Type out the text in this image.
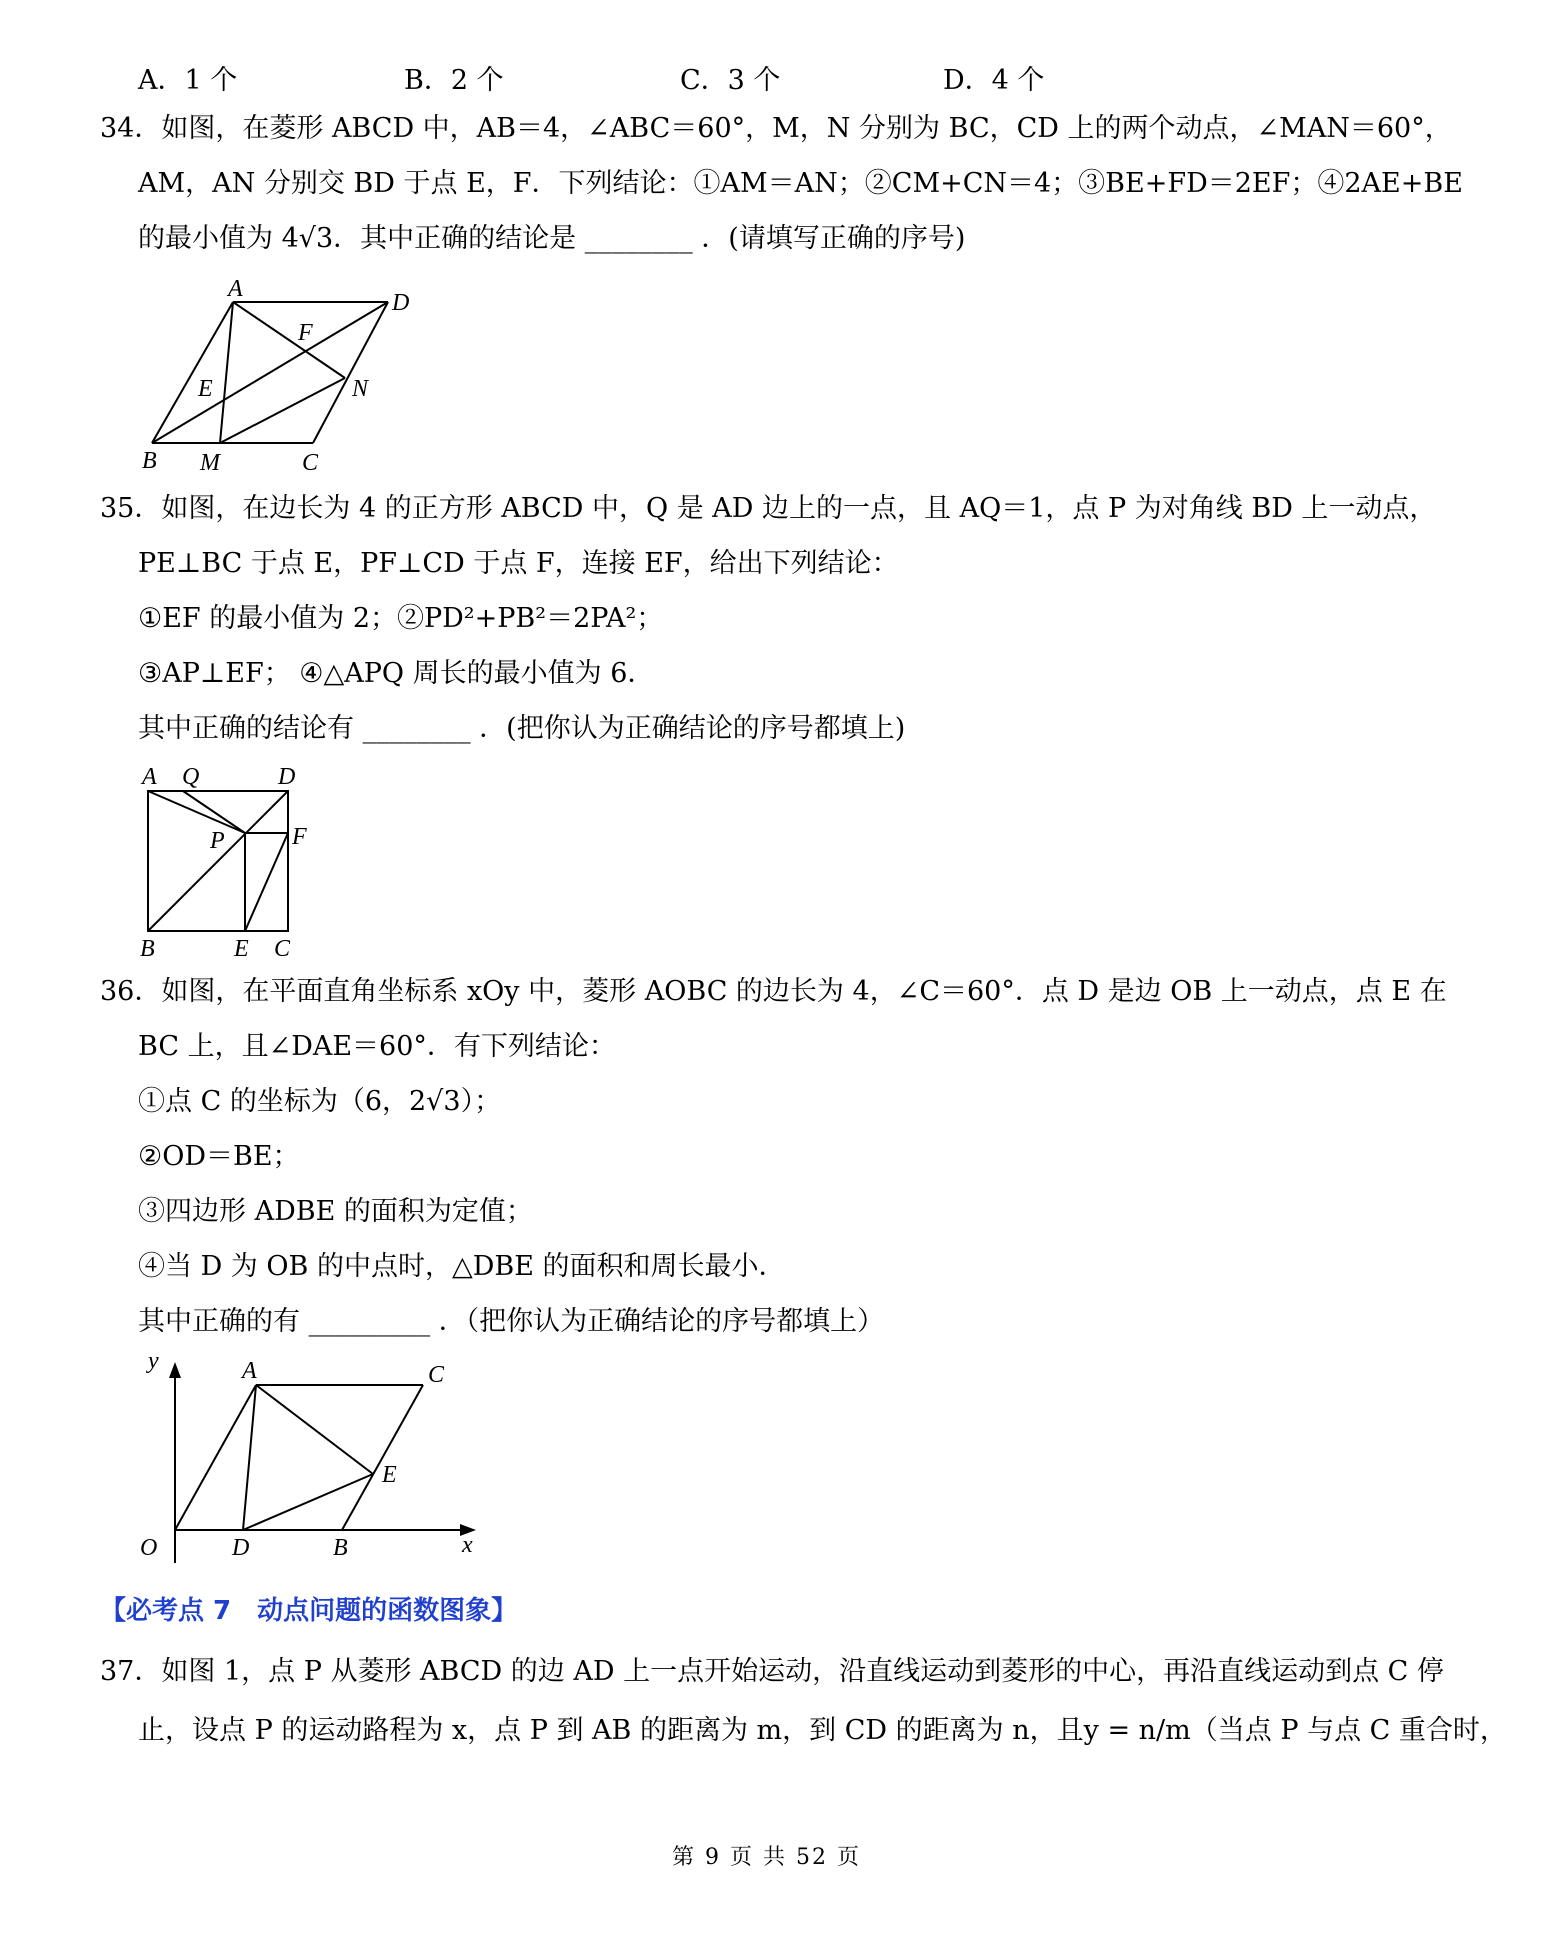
A．1 个	B．2 个	C．3 个	D．4 个
34．如图，在菱形 ABCD 中，AB＝4，∠ABC＝60°，M，N 分别为 BC，CD 上的两个动点，∠MAN＝60°，
AM，AN 分别交 BD 于点 E，F．下列结论：①AM＝AN；②CM+CN＝4；③BE+FD＝2EF；④2AE+BE
的最小值为 4√3．其中正确的结论是 ________ ．(请填写正确的序号)
A
D
F
E	N
B M	C
35．如图，在边长为 4 的正方形 ABCD 中，Q 是 AD 边上的一点，且 AQ＝1，点 P 为对角线 BD 上一动点，
PE⊥BC 于点 E，PF⊥CD 于点 F，连接 EF，给出下列结论：
①EF 的最小值为 2；②PD²+PB²＝2PA²；
③AP⊥EF； ④△APQ 周长的最小值为 6．
其中正确的结论有 ________ ．(把你认为正确结论的序号都填上)
A Q	D
P	F
B	E C
36．如图，在平面直角坐标系 xOy 中，菱形 AOBC 的边长为 4，∠C＝60°．点 D 是边 OB 上一动点，点 E 在
BC 上，且∠DAE＝60°．有下列结论：
①点 C 的坐标为（6，2√3）；
②OD＝BE；
③四边形 ADBE 的面积为定值；
④当 D 为 OB 的中点时，△DBE 的面积和周长最小．
其中正确的有 _________ ．（把你认为正确结论的序号都填上）
y	A	C
E
O	D	B	x
【必考点 7　动点问题的函数图象】
37．如图 1，点 P 从菱形 ABCD 的边 AD 上一点开始运动，沿直线运动到菱形的中心，再沿直线运动到点 C 停
止，设点 P 的运动路程为 x，点 P 到 AB 的距离为 m，到 CD 的距离为 n，且y = n/m（当点 P 与点 C 重合时，
第 9 页 共 52 页
